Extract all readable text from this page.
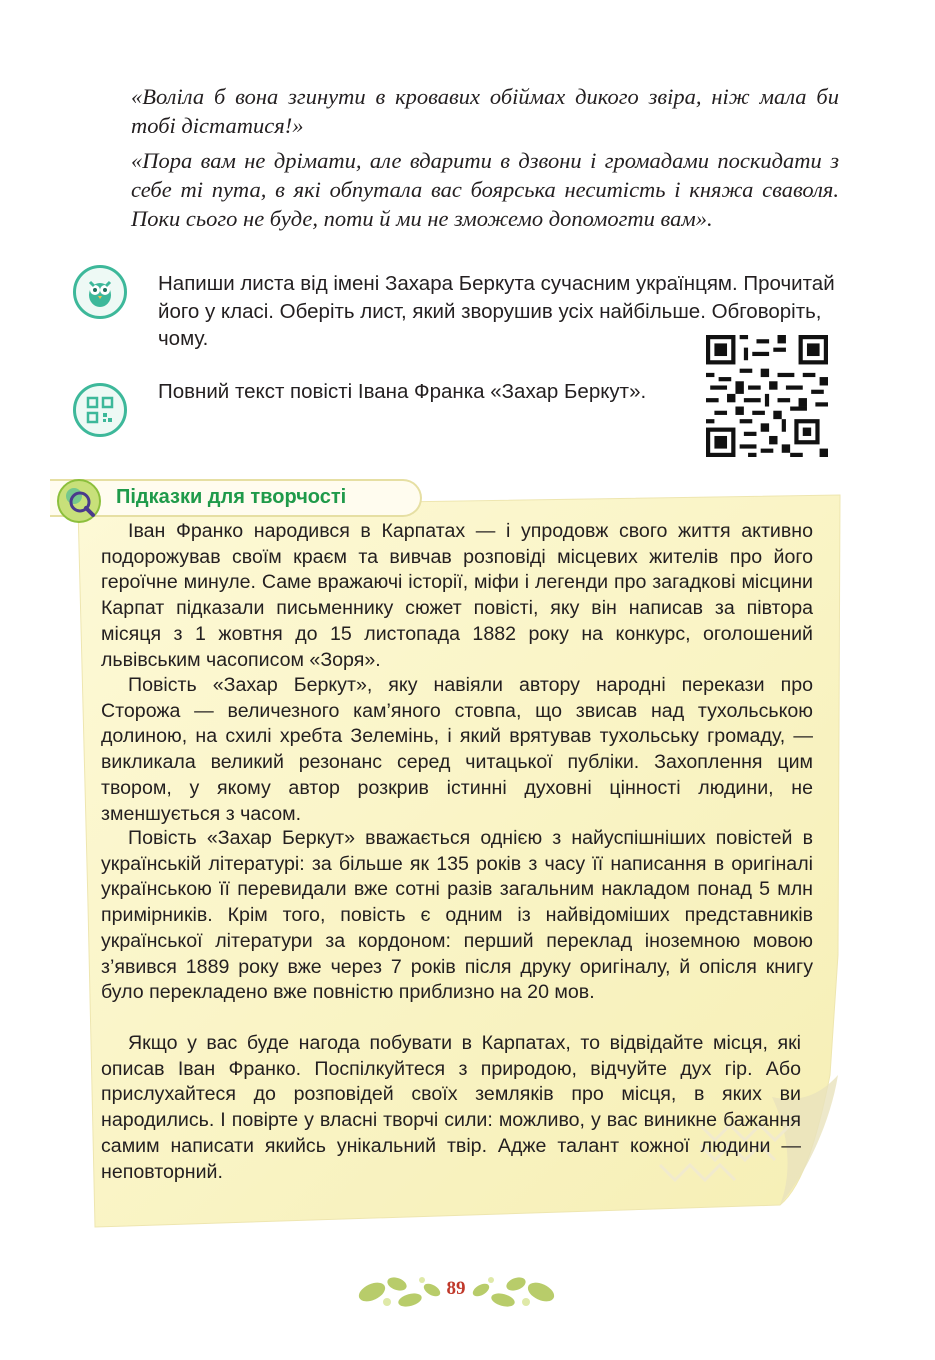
«Воліла б вона згинути в кровавих обіймах дикого звіра, ніж мала би тобі дістатися!»

«Пора вам не дрімати, але вдарити в дзвони і громадами поскидати з себе ті пута, в які обпутала вас боярська неситість і княжа сваволя. Поки сього не буде, поти й ми не зможемо допомогти вам».

Напиши листа від імені Захара Беркута сучасним українцям. Прочитай його у класі. Оберіть лист, який зворушив усіх найбільше. Обговоріть, чому.

Повний текст повісті Івана Франка «Захар Беркут».

Підказки для творчості

Іван Франко народився в Карпатах — і упродовж свого життя активно подорожував своїм краєм та вивчав розповіді місцевих жителів про його героїчне минуле. Саме вражаючі історії, міфи і легенди про загадкові місцини Карпат підказали письменнику сюжет повісті, яку він написав за півтора місяця з 1 жовтня до 15 листопада 1882 року на конкурс, оголошений львівським часописом «Зоря».

Повість «Захар Беркут», яку навіяли автору народні перекази про Сторожа — величезного кам’яного стовпа, що звисав над тухольською долиною, на схилі хребта Зелемінь, і який врятував тухольську громаду, — викликала великий резонанс серед читацької публіки. Захоплення цим твором, у якому автор розкрив істинні духовні цінності людини, не зменшується з часом.

Повість «Захар Беркут» вважається однією з найуспішніших повістей в українській літературі: за більше як 135 років з часу її написання в оригіналі українською її перевидали вже сотні разів загальним накладом понад 5 млн примірників. Крім того, повість є одним із найвідоміших представників української літератури за кордоном: перший переклад іноземною мовою з’явився 1889 року вже через 7 років після друку оригіналу, й опісля книгу було перекладено вже повністю приблизно на 20 мов.

Якщо у вас буде нагода побувати в Карпатах, то відвідайте місця, які описав Іван Франко. Поспілкуйтеся з природою, відчуйте дух гір. Або прислухайтеся до розповідей своїх земляків про місця, в яких ви народились. І повірте у власні творчі сили: можливо, у вас виникне бажання самим написати якийсь унікальний твір. Адже талант кожної людини — неповторний.

89
